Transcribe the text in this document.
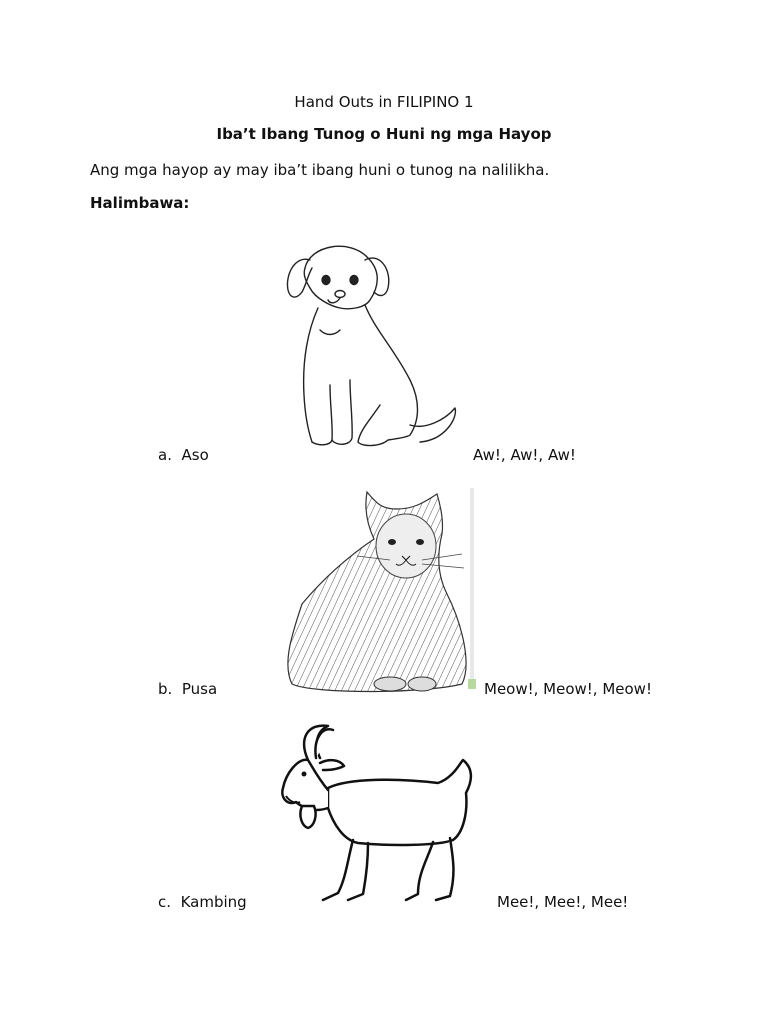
Hand Outs in FILIPINO 1
Iba’t Ibang Tunog o Huni ng mga Hayop
Ang mga hayop ay may iba’t ibang huni o tunog na nalilikha.
Halimbawa:
a. Aso	Aw!, Aw!, Aw!
b. Pusa	Meow!, Meow!, Meow!
c. Kambing	Mee!, Mee!, Mee!
